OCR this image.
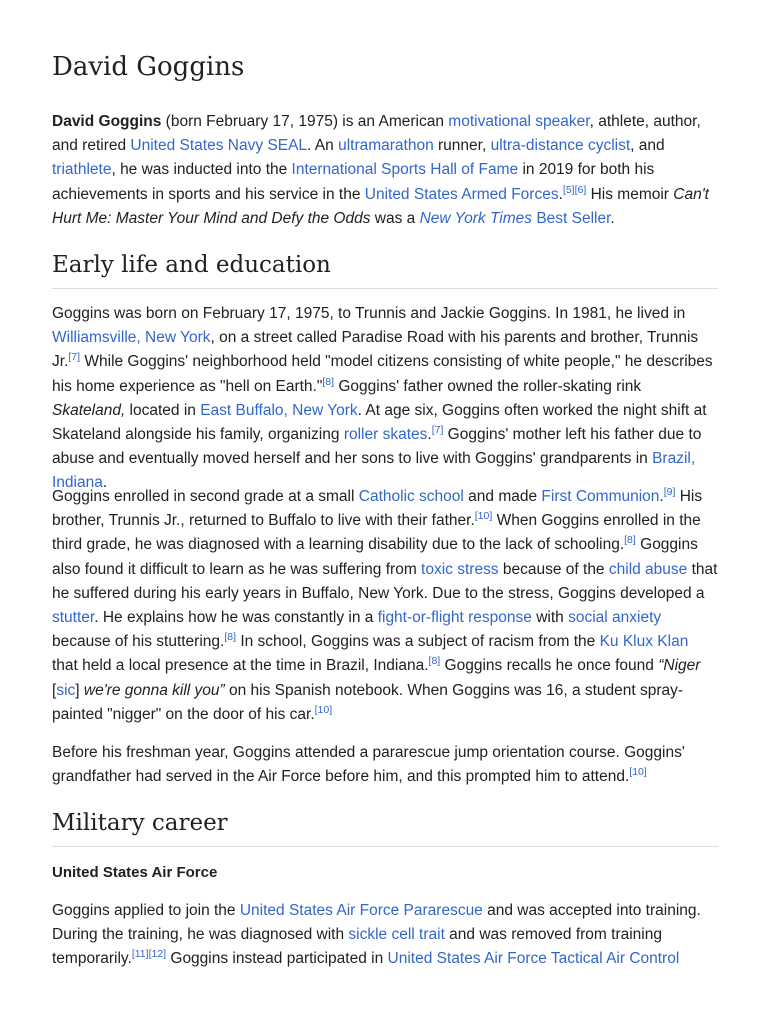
David Goggins

David Goggins (born February 17, 1975) is an American motivational speaker, athlete, author, and retired United States Navy SEAL. An ultramarathon runner, ultra-distance cyclist, and triathlete, he was inducted into the International Sports Hall of Fame in 2019 for both his achievements in sports and his service in the United States Armed Forces.[5][6] His memoir Can't Hurt Me: Master Your Mind and Defy the Odds was a New York Times Best Seller.

Early life and education

Goggins was born on February 17, 1975, to Trunnis and Jackie Goggins. In 1981, he lived in Williamsville, New York, on a street called Paradise Road with his parents and brother, Trunnis Jr.[7] While Goggins' neighborhood held "model citizens consisting of white people," he describes his home experience as "hell on Earth."[8] Goggins' father owned the roller-skating rink Skateland, located in East Buffalo, New York. At age six, Goggins often worked the night shift at Skateland alongside his family, organizing roller skates.[7] Goggins' mother left his father due to abuse and eventually moved herself and her sons to live with Goggins' grandparents in Brazil, Indiana.

Goggins enrolled in second grade at a small Catholic school and made First Communion.[9] His brother, Trunnis Jr., returned to Buffalo to live with their father.[10] When Goggins enrolled in the third grade, he was diagnosed with a learning disability due to the lack of schooling.[8] Goggins also found it difficult to learn as he was suffering from toxic stress because of the child abuse that he suffered during his early years in Buffalo, New York. Due to the stress, Goggins developed a stutter. He explains how he was constantly in a fight-or-flight response with social anxiety because of his stuttering.[8] In school, Goggins was a subject of racism from the Ku Klux Klan that held a local presence at the time in Brazil, Indiana.[8] Goggins recalls he once found “Niger [sic] we're gonna kill you” on his Spanish notebook. When Goggins was 16, a student spray-painted "nigger" on the door of his car.[10]

Before his freshman year, Goggins attended a pararescue jump orientation course. Goggins' grandfather had served in the Air Force before him, and this prompted him to attend.[10]

Military career
United States Air Force

Goggins applied to join the United States Air Force Pararescue and was accepted into training. During the training, he was diagnosed with sickle cell trait and was removed from training temporarily.[11][12] Goggins instead participated in United States Air Force Tactical Air Control
